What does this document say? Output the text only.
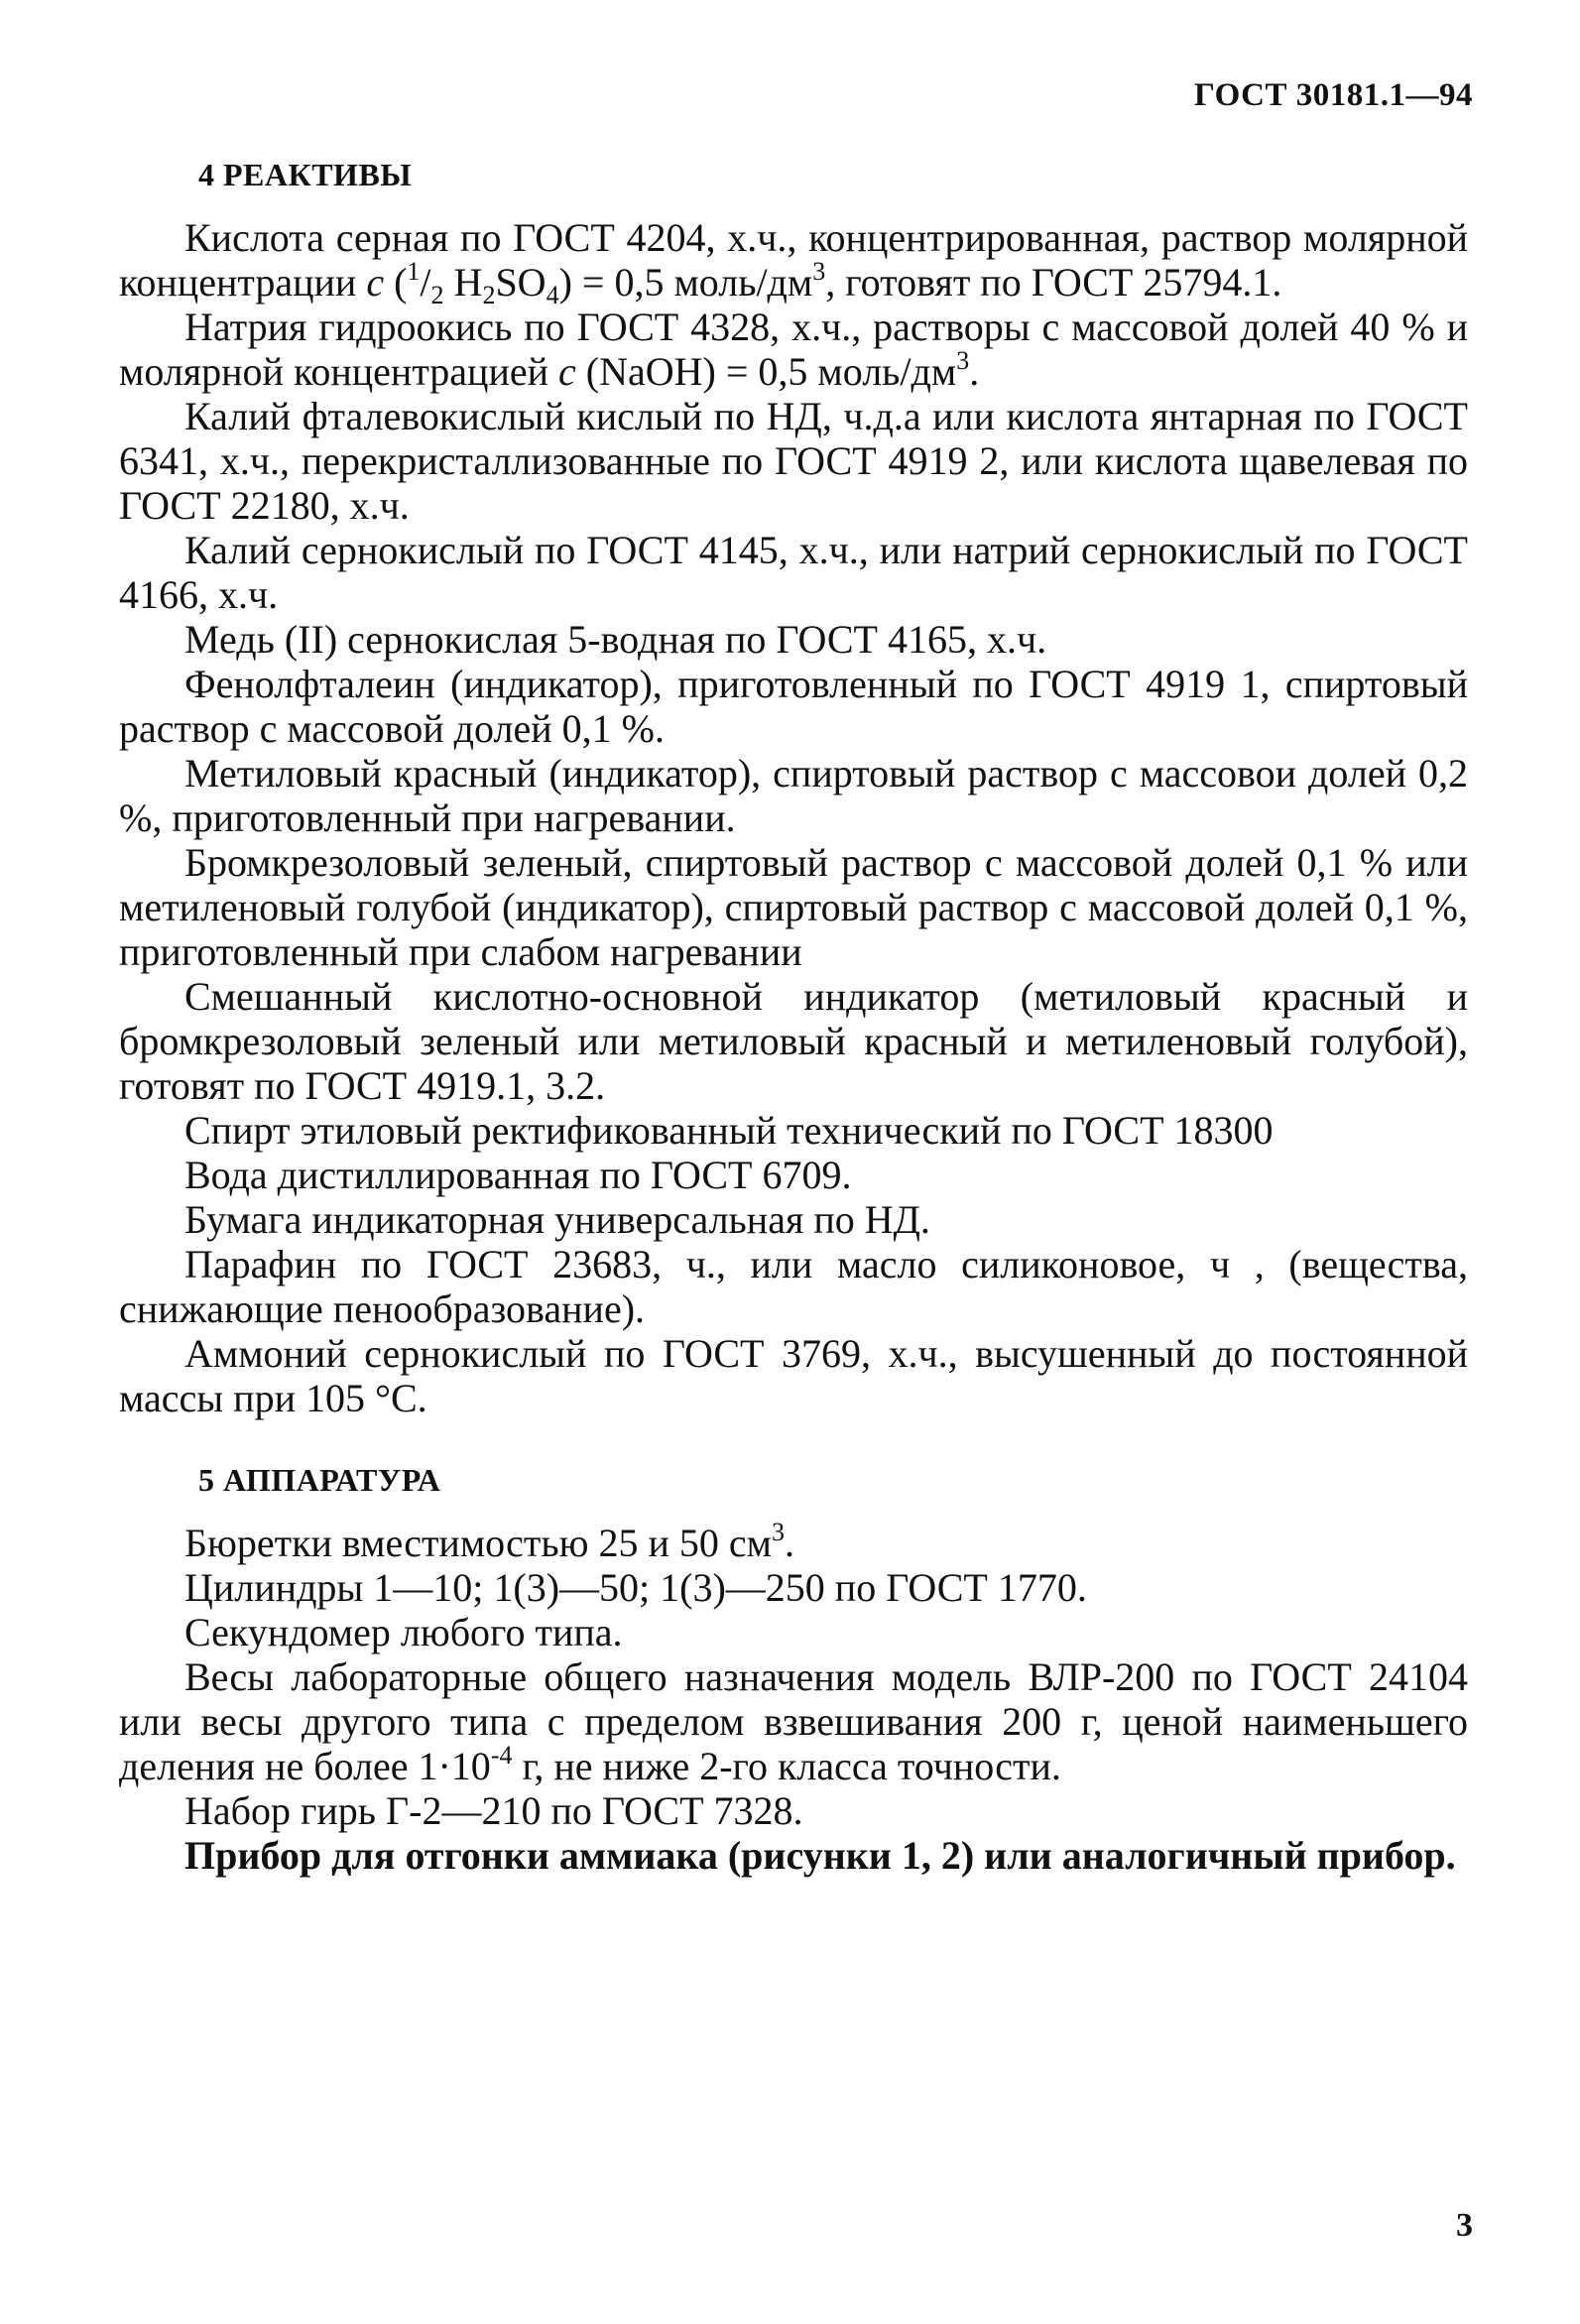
ГОСТ 30181.1—94
4 РЕАКТИВЫ

Кислота серная по ГОСТ 4204, х.ч., концентрированная, раствор молярной концентрации c ($^1/_2$ $H_2SO_4) = 0,5$ моль/$дм^3$, готовят по ГОСТ 25794.1.

Натрия гидроокись по ГОСТ 4328, х.ч., растворы с массовой долей 40 % и молярной концентрацией c (NaOH) = 0,5 моль/$дм^3$.

Калий фталевокислый кислый по НД, ч.д.а или кислота янтарная по ГОСТ 6341, х.ч., перекристаллизованные по ГОСТ 4919 2, или кислота щавелевая по ГОСТ 22180, х.ч.

Калий сернокислый по ГОСТ 4145, х.ч., или натрий сернокислый по ГОСТ 4166, х.ч.

Медь (II) сернокислая 5-водная по ГОСТ 4165, х.ч.

Фенолфталеин (индикатор), приготовленный по ГОСТ 4919 1, спиртовый раствор с массовой долей 0,1 %.

Метиловый красный (индикатор), спиртовый раствор с массовои долей 0,2 %, приготовленный при нагревании.

Бромкрезоловый зеленый, спиртовый раствор с массовой долей 0,1 % или метиленовый голубой (индикатор), спиртовый раствор с массовой долей 0,1 %, приготовленный при слабом нагревании

Смешанный кислотно-основной индикатор (метиловый красный и бромкрезоловый зеленый или метиловый красный и метиленовый голубой), готовят по ГОСТ 4919.1, 3.2.

Спирт этиловый ректификованный технический по ГОСТ 18300

Вода дистиллированная по ГОСТ 6709.

Бумага индикаторная универсальная по НД.

Парафин по ГОСТ 23683, ч., или масло силиконовое, ч , (вещества, снижающие пенообразование).

Аммоний сернокислый по ГОСТ 3769, х.ч., высушенный до постоянной массы при 105 °С.

5 АППАРАТУРА

Бюретки вместимостью 25 и 50 $см^3$.

Цилиндры 1—10; 1(3)—50; 1(3)—250 по ГОСТ 1770.

Секундомер любого типа.

Весы лабораторные общего назначения модель ВЛР-200 по ГОСТ 24104 или весы другого типа с пределом взвешивания 200 г, ценой наименьшего деления не более $1\cdot 10^{-4}$ г, не ниже 2-го класса точности.

Набор гирь Г-2—210 по ГОСТ 7328.

Прибор для отгонки аммиака (рисунки 1, 2) или аналогичный прибор.

3
